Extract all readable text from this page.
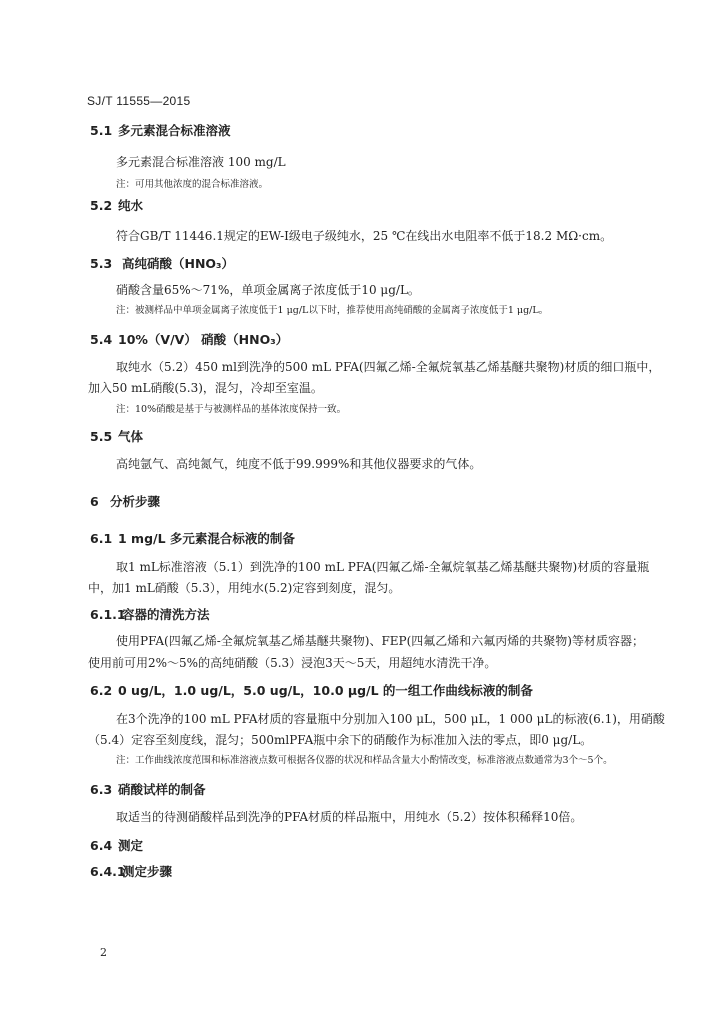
SJ/T 11555—2015
5.1 多元素混合标准溶液
多元素混合标准溶液 100 mg/L
注：可用其他浓度的混合标准溶液。
5.2 纯水
符合GB/T 11446.1规定的EW-Ⅰ级电子级纯水，25 ℃在线出水电阻率不低于18.2 MΩ·cm。
5.3 高纯硝酸（HNO₃）
硝酸含量65%～71%，单项金属离子浓度低于10 μg/L。
注：被测样品中单项金属离子浓度低于1 μg/L以下时，推荐使用高纯硝酸的金属离子浓度低于1 μg/L。
5.4 10%（V/V） 硝酸（HNO₃）
取纯水（5.2）450 ml到洗净的500 mL PFA(四氟乙烯-全氟烷氧基乙烯基醚共聚物)材质的细口瓶中，
加入50 mL硝酸(5.3)，混匀，冷却至室温。
注：10%硝酸是基于与被测样品的基体浓度保持一致。
5.5 气体
高纯氩气、高纯氮气，纯度不低于99.999%和其他仪器要求的气体。
6 分析步骤
6.1 1 mg/L 多元素混合标液的制备
取1 mL标准溶液（5.1）到洗净的100 mL PFA(四氟乙烯-全氟烷氧基乙烯基醚共聚物)材质的容量瓶
中，加1 mL硝酸（5.3），用纯水(5.2)定容到刻度，混匀。
6.1.1容器的清洗方法
使用PFA(四氟乙烯-全氟烷氧基乙烯基醚共聚物)、FEP(四氟乙烯和六氟丙烯的共聚物)等材质容器；
使用前可用2%～5%的高纯硝酸（5.3）浸泡3天～5天，用超纯水清洗干净。
6.2 0 ug/L，1.0 ug/L，5.0 ug/L，10.0 μg/L 的一组工作曲线标液的制备
在3个洗净的100 mL PFA材质的容量瓶中分别加入100 μL，500 μL，1 000 μL的标液(6.1)，用硝酸
（5.4）定容至刻度线，混匀；500mlPFA瓶中余下的硝酸作为标准加入法的零点，即0 μg/L。
注：工作曲线浓度范围和标准溶液点数可根据各仪器的状况和样品含量大小酌情改变，标准溶液点数通常为3个～5个。
6.3 硝酸试样的制备
取适当的待测硝酸样品到洗净的PFA材质的样品瓶中，用纯水（5.2）按体积稀释10倍。
6.4 测定
6.4.1测定步骤
2
